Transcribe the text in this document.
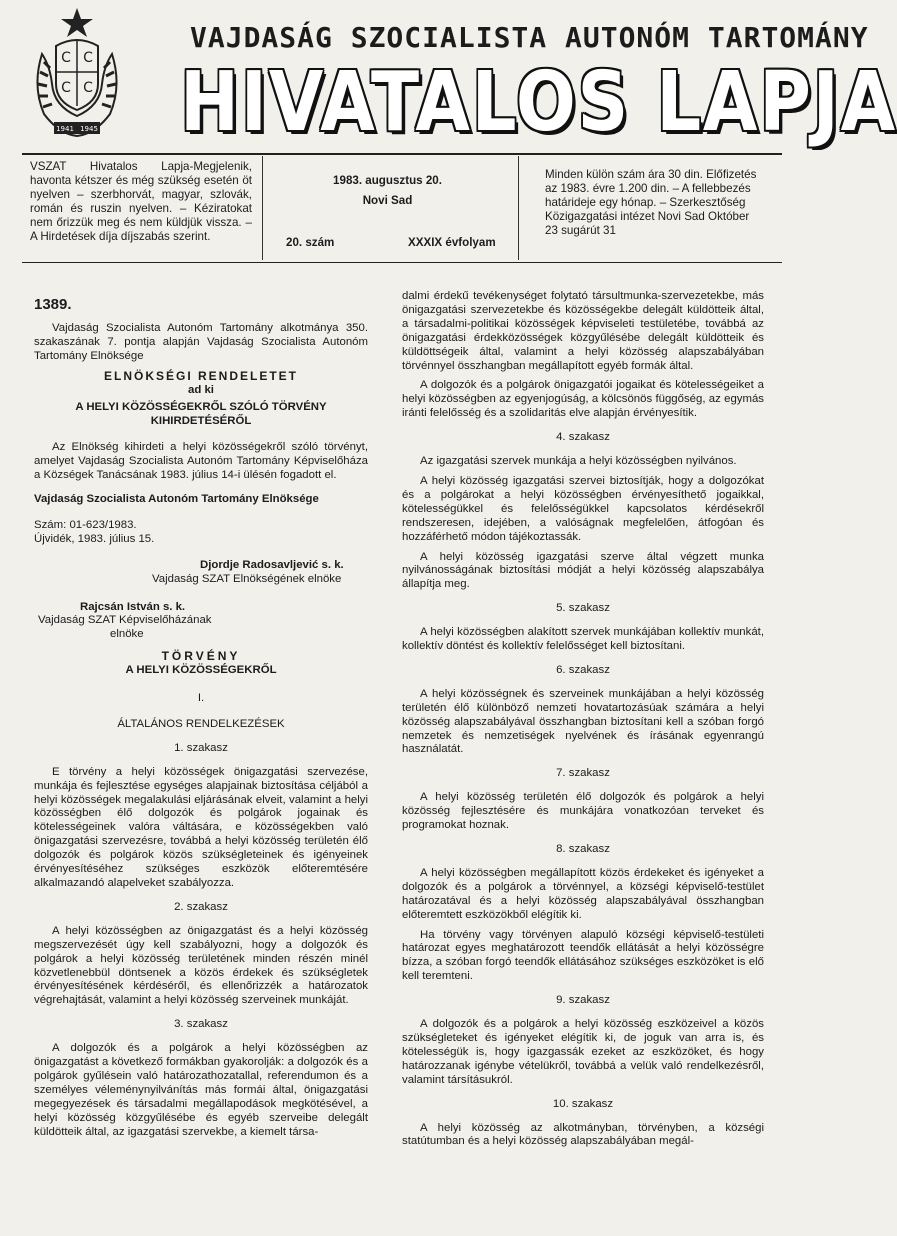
C C
C C
1941 1945
VAJDASÁG SZOCIALISTA AUTONÓM TARTOMÁNY
HIVATALOS LAPJA
VSZAT Hivatalos Lapja-Megjelenik, havonta kétszer és még szükség esetén öt nyelven – szerbhorvát, magyar, szlovák, román és ruszin nyelven. – Kéziratokat nem őrizzük meg és nem küldjük vissza. – A Hirdetések díja díjszabás szerint.
1983. augusztus 20.
Novi Sad
20. szám	XXXIX évfolyam
Minden külön szám ára 30 din. Előfizetés az 1983. évre 1.200 din. – A fellebbezés határideje egy hónap. – Szerkesztőség Közigazgatási intézet Novi Sad Október 23 sugárút 31
1389.

Vajdaság Szocialista Autonóm Tartomány alkotmánya 350. szakaszának 7. pontja alapján Vajdaság Szocialista Autonóm Tartomány Elnöksége

ELNÖKSÉGI RENDELETET
ad ki
A HELYI KÖZÖSSÉGEKRŐL SZÓLÓ TÖRVÉNY KIHIRDETÉSÉRŐL

Az Elnökség kihirdeti a helyi közösségekről szóló törvényt, amelyet Vajdaság Szocialista Autonóm Tartomány Képviselőháza a Községek Tanácsának 1983. július 14-i ülésén fogadott el.

Vajdaság Szocialista Autonóm Tartomány Elnöksége

Szám: 01-623/1983.
Újvidék, 1983. július 15.
Djordje Radosavljević s. k.
Vajdaság SZAT Elnökségének elnöke
Rajcsán István s. k.
Vajdaság SZAT Képviselőházának
elnöke
TÖRVÉNY
A HELYI KÖZÖSSÉGEKRŐL
I.
ÁLTALÁNOS RENDELKEZÉSEK
1. szakasz

E törvény a helyi közösségek önigazgatási szervezése, munkája és fejlesztése egységes alapjainak biztosítása céljából a helyi közösségek megalakulási eljárásának elveit, valamint a helyi közösségben élő dolgozók és polgárok jogainak és kötelességeinek valóra váltására, e közösségekben való önigazgatási szervezésre, továbbá a helyi közösség területén élő dolgozók és polgárok közös szükségleteinek és igényeinek érvényesítéséhez szükséges eszközök előteremtésére alkalmazandó alapelveket szabályozza.

2. szakasz

A helyi közösségben az önigazgatást és a helyi közösség megszervezését úgy kell szabályozni, hogy a dolgozók és polgárok a helyi közösség területének minden részén minél közvetlenebbül döntsenek a közös érdekek és szükségletek érvényesítésének kérdéséről, és ellenőrizzék a határozatok végrehajtását, valamint a helyi közösség szerveinek munkáját.

3. szakasz

A dolgozók és a polgárok a helyi közösségben az önigazgatást a következő formákban gyakorolják: a dolgozók és a polgárok gyűlésein való határozathozatallal, referendumon és a személyes véleménynyilvánítás más formái által, önigazgatási megegyezések és társadalmi megállapodások megkötésével, a helyi közösség közgyűlésébe és egyéb szerveibe delegált küldötteik által, az igazgatási szervekbe, a kiemelt társa-

dalmi érdekű tevékenységet folytató társultmunka-szervezetekbe, más önigazgatási szervezetekbe és közösségekbe delegált küldötteik által, a társadalmi-politikai közösségek képviseleti testületébe, továbbá az önigazgatási érdekközösségek közgyűlésébe delegált küldötteik és küldöttségeik által, valamint a helyi közösség alapszabályában törvénnyel összhangban megállapított egyéb formák által.

A dolgozók és a polgárok önigazgatói jogaikat és kötelességeiket a helyi közösségben az egyenjogúság, a kölcsönös függőség, az egymás iránti felelősség és a szolidaritás elve alapján érvényesítik.

4. szakasz

Az igazgatási szervek munkája a helyi közösségben nyilvános.

A helyi közösség igazgatási szervei biztosítják, hogy a dolgozókat és a polgárokat a helyi közösségben érvényesíthető jogaikkal, kötelességükkel és felelősségükkel kapcsolatos kérdésekről rendszeresen, idejében, a valóságnak megfelelően, átfogóan és hozzáférhető módon tájékoztassák.

A helyi közösség igazgatási szerve által végzett munka nyilvánosságának biztosítási módját a helyi közösség alapszabálya állapítja meg.

5. szakasz

A helyi közösségben alakított szervek munkájában kollektív munkát, kollektív döntést és kollektív felelősséget kell biztosítani.

6. szakasz

A helyi közösségnek és szerveinek munkájában a helyi közösség területén élő különböző nemzeti hovatartozásúak számára a helyi közösség alapszabályával összhangban biztosítani kell a szóban forgó nemzetek és nemzetiségek nyelvének és írásának egyenrangú használatát.

7. szakasz

A helyi közösség területén élő dolgozók és polgárok a helyi közösség fejlesztésére és munkájára vonatkozóan terveket és programokat hoznak.

8. szakasz

A helyi közösségben megállapított közös érdekeket és igényeket a dolgozók és a polgárok a törvénnyel, a községi képviselő-testület határozatával és a helyi közösség alapszabályával összhangban előteremtett eszközökből elégítik ki.

Ha törvény vagy törvényen alapuló községi képviselő-testületi határozat egyes meghatározott teendők ellátását a helyi közösségre bízza, a szóban forgó teendők ellátásához szükséges eszközöket is elő kell teremteni.

9. szakasz

A dolgozók és a polgárok a helyi közösség eszközeivel a közös szükségleteket és igényeket elégítik ki, de joguk van arra is, és kötelességük is, hogy igazgassák ezeket az eszközöket, és hogy határozzanak igénybe vételükről, továbbá a velük való rendelkezésről, valamint társításukról.

10. szakasz

A helyi közösség az alkotmányban, törvényben, a községi statútumban és a helyi közösség alapszabályában megál-
